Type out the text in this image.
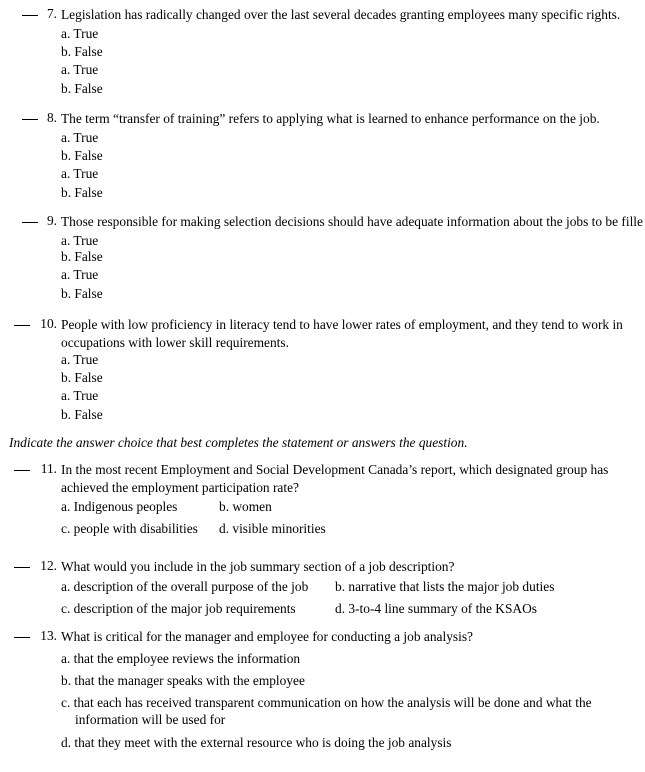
7. Legislation has radically changed over the last several decades granting employees many specific rights.
a. True
b. False
a. True
b. False
8. The term “transfer of training” refers to applying what is learned to enhance performance on the job.
a. True
b. False
a. True
b. False
9. Those responsible for making selection decisions should have adequate information about the jobs to be fille
a. True
b. False
a. True
b. False
10. People with low proficiency in literacy tend to have lower rates of employment, and they tend to work in
occupations with lower skill requirements.
a. True
b. False
a. True
b. False
Indicate the answer choice that best completes the statement or answers the question.
11. In the most recent Employment and Social Development Canada’s report, which designated group has
achieved the employment participation rate?
a. Indigenous peoples	b. women
c. people with disabilities d. visible minorities
12. What would you include in the job summary section of a job description?
a. description of the overall purpose of the job b. narrative that lists the major job duties
c. description of the major job requirements	d. 3-to-4 line summary of the KSAOs
13. What is critical for the manager and employee for conducting a job analysis?
a. that the employee reviews the information
b. that the manager speaks with the employee
c. that each has received transparent communication on how the analysis will be done and what the
information will be used for
d. that they meet with the external resource who is doing the job analysis
